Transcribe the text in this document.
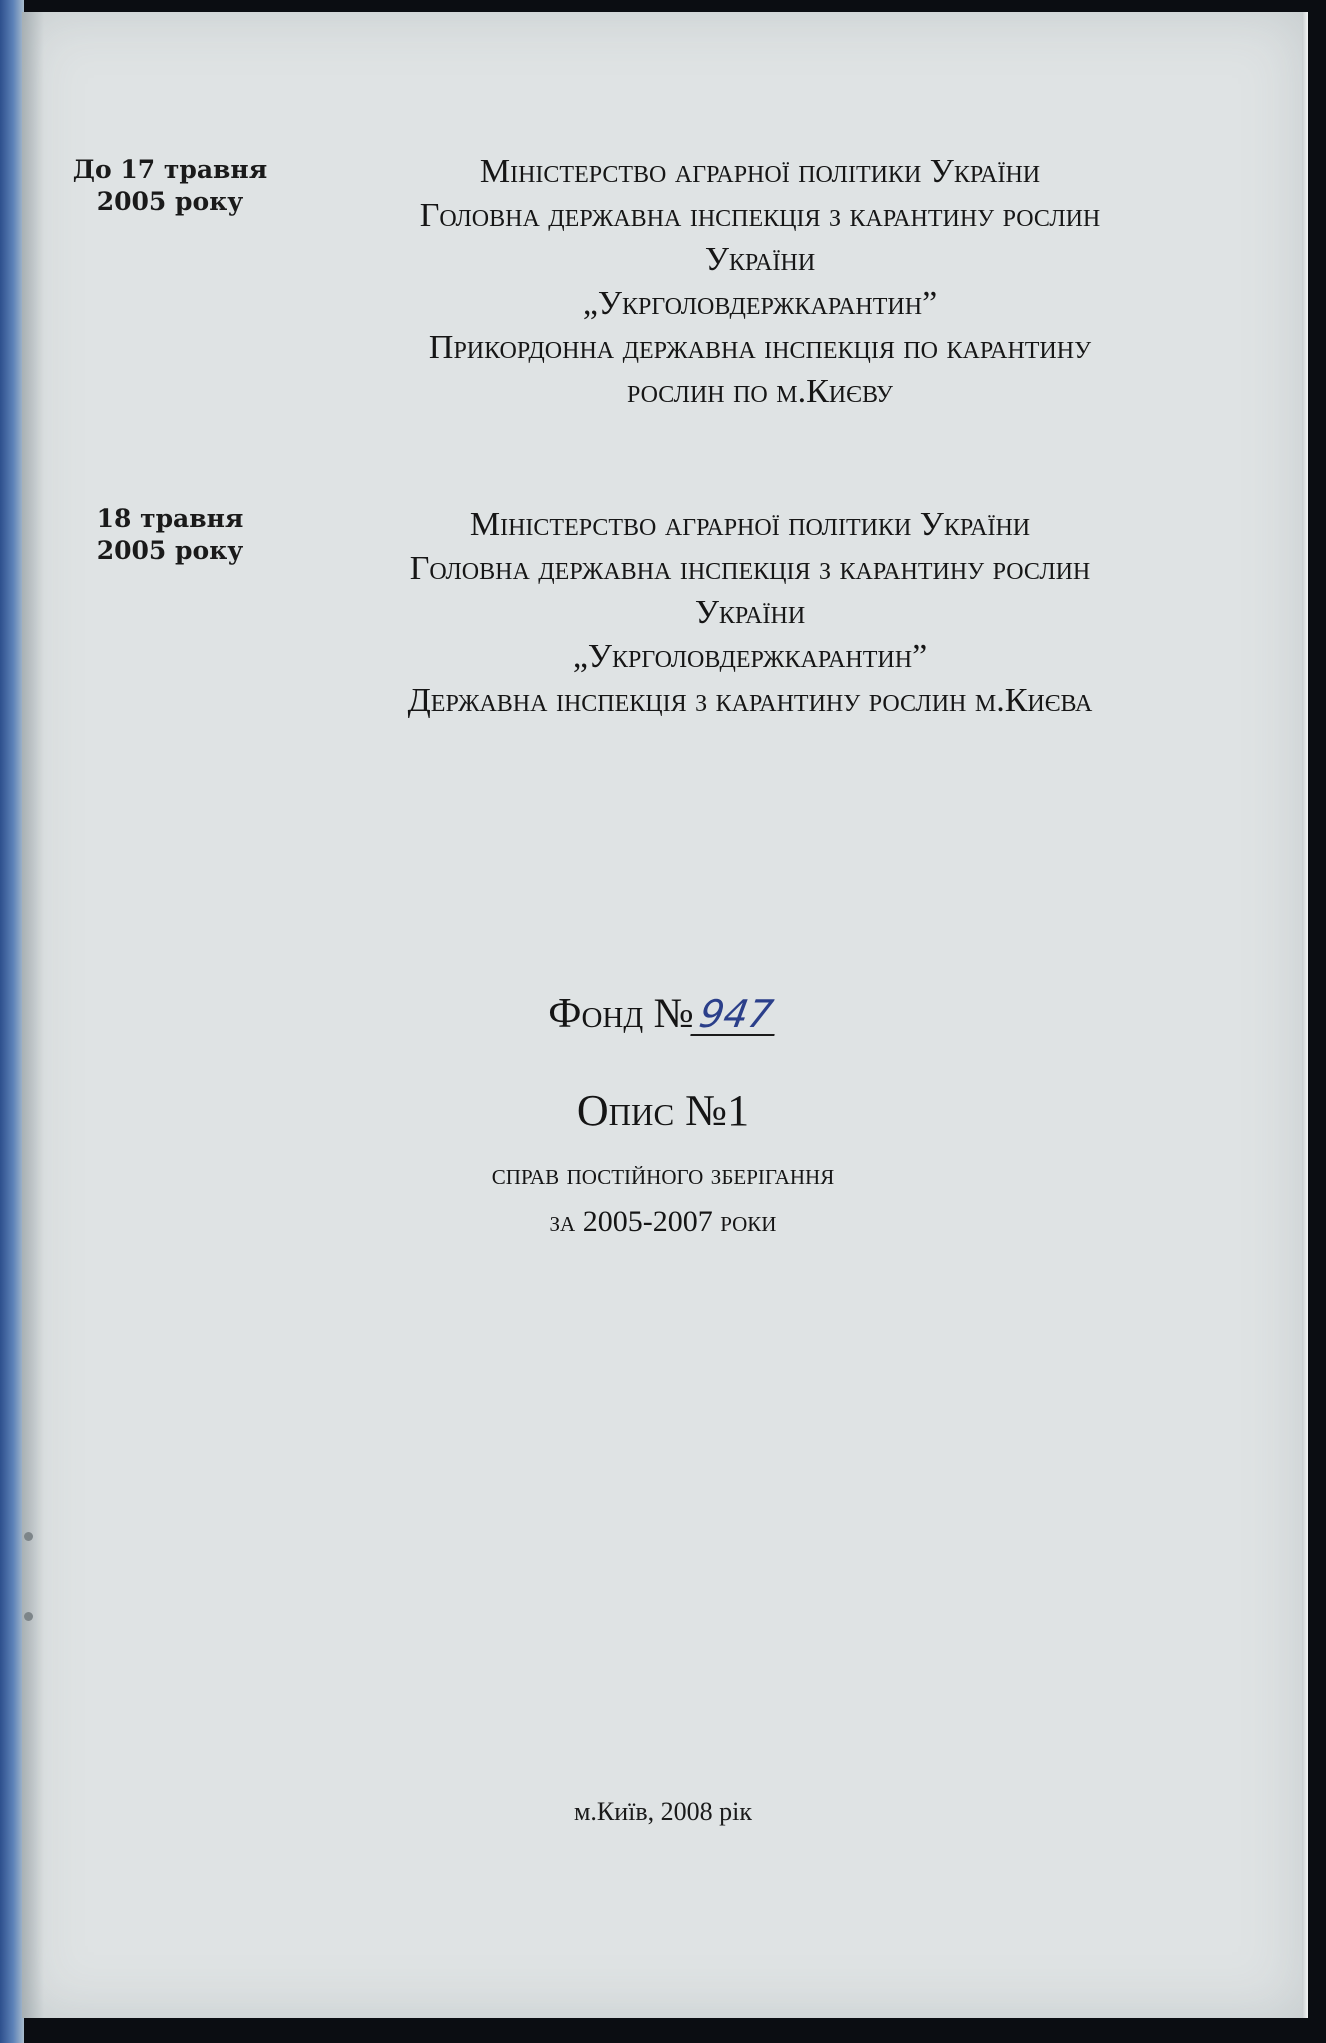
До 17 травня
2005 року
Міністерство аграрної політики України
Головна державна інспекція з карантину рослин
України
„Укрголовдержкарантин”
Прикордонна державна інспекція по карантину
рослин по м.Києву
18 травня
2005 року
Міністерство аграрної політики України
Головна державна інспекція з карантину рослин
України
„Укрголовдержкарантин”
Державна інспекція з карантину рослин м.Києва
Фонд №947
Опис №1
справ постійного зберігання
за 2005-2007 роки
м.Київ, 2008 рік
